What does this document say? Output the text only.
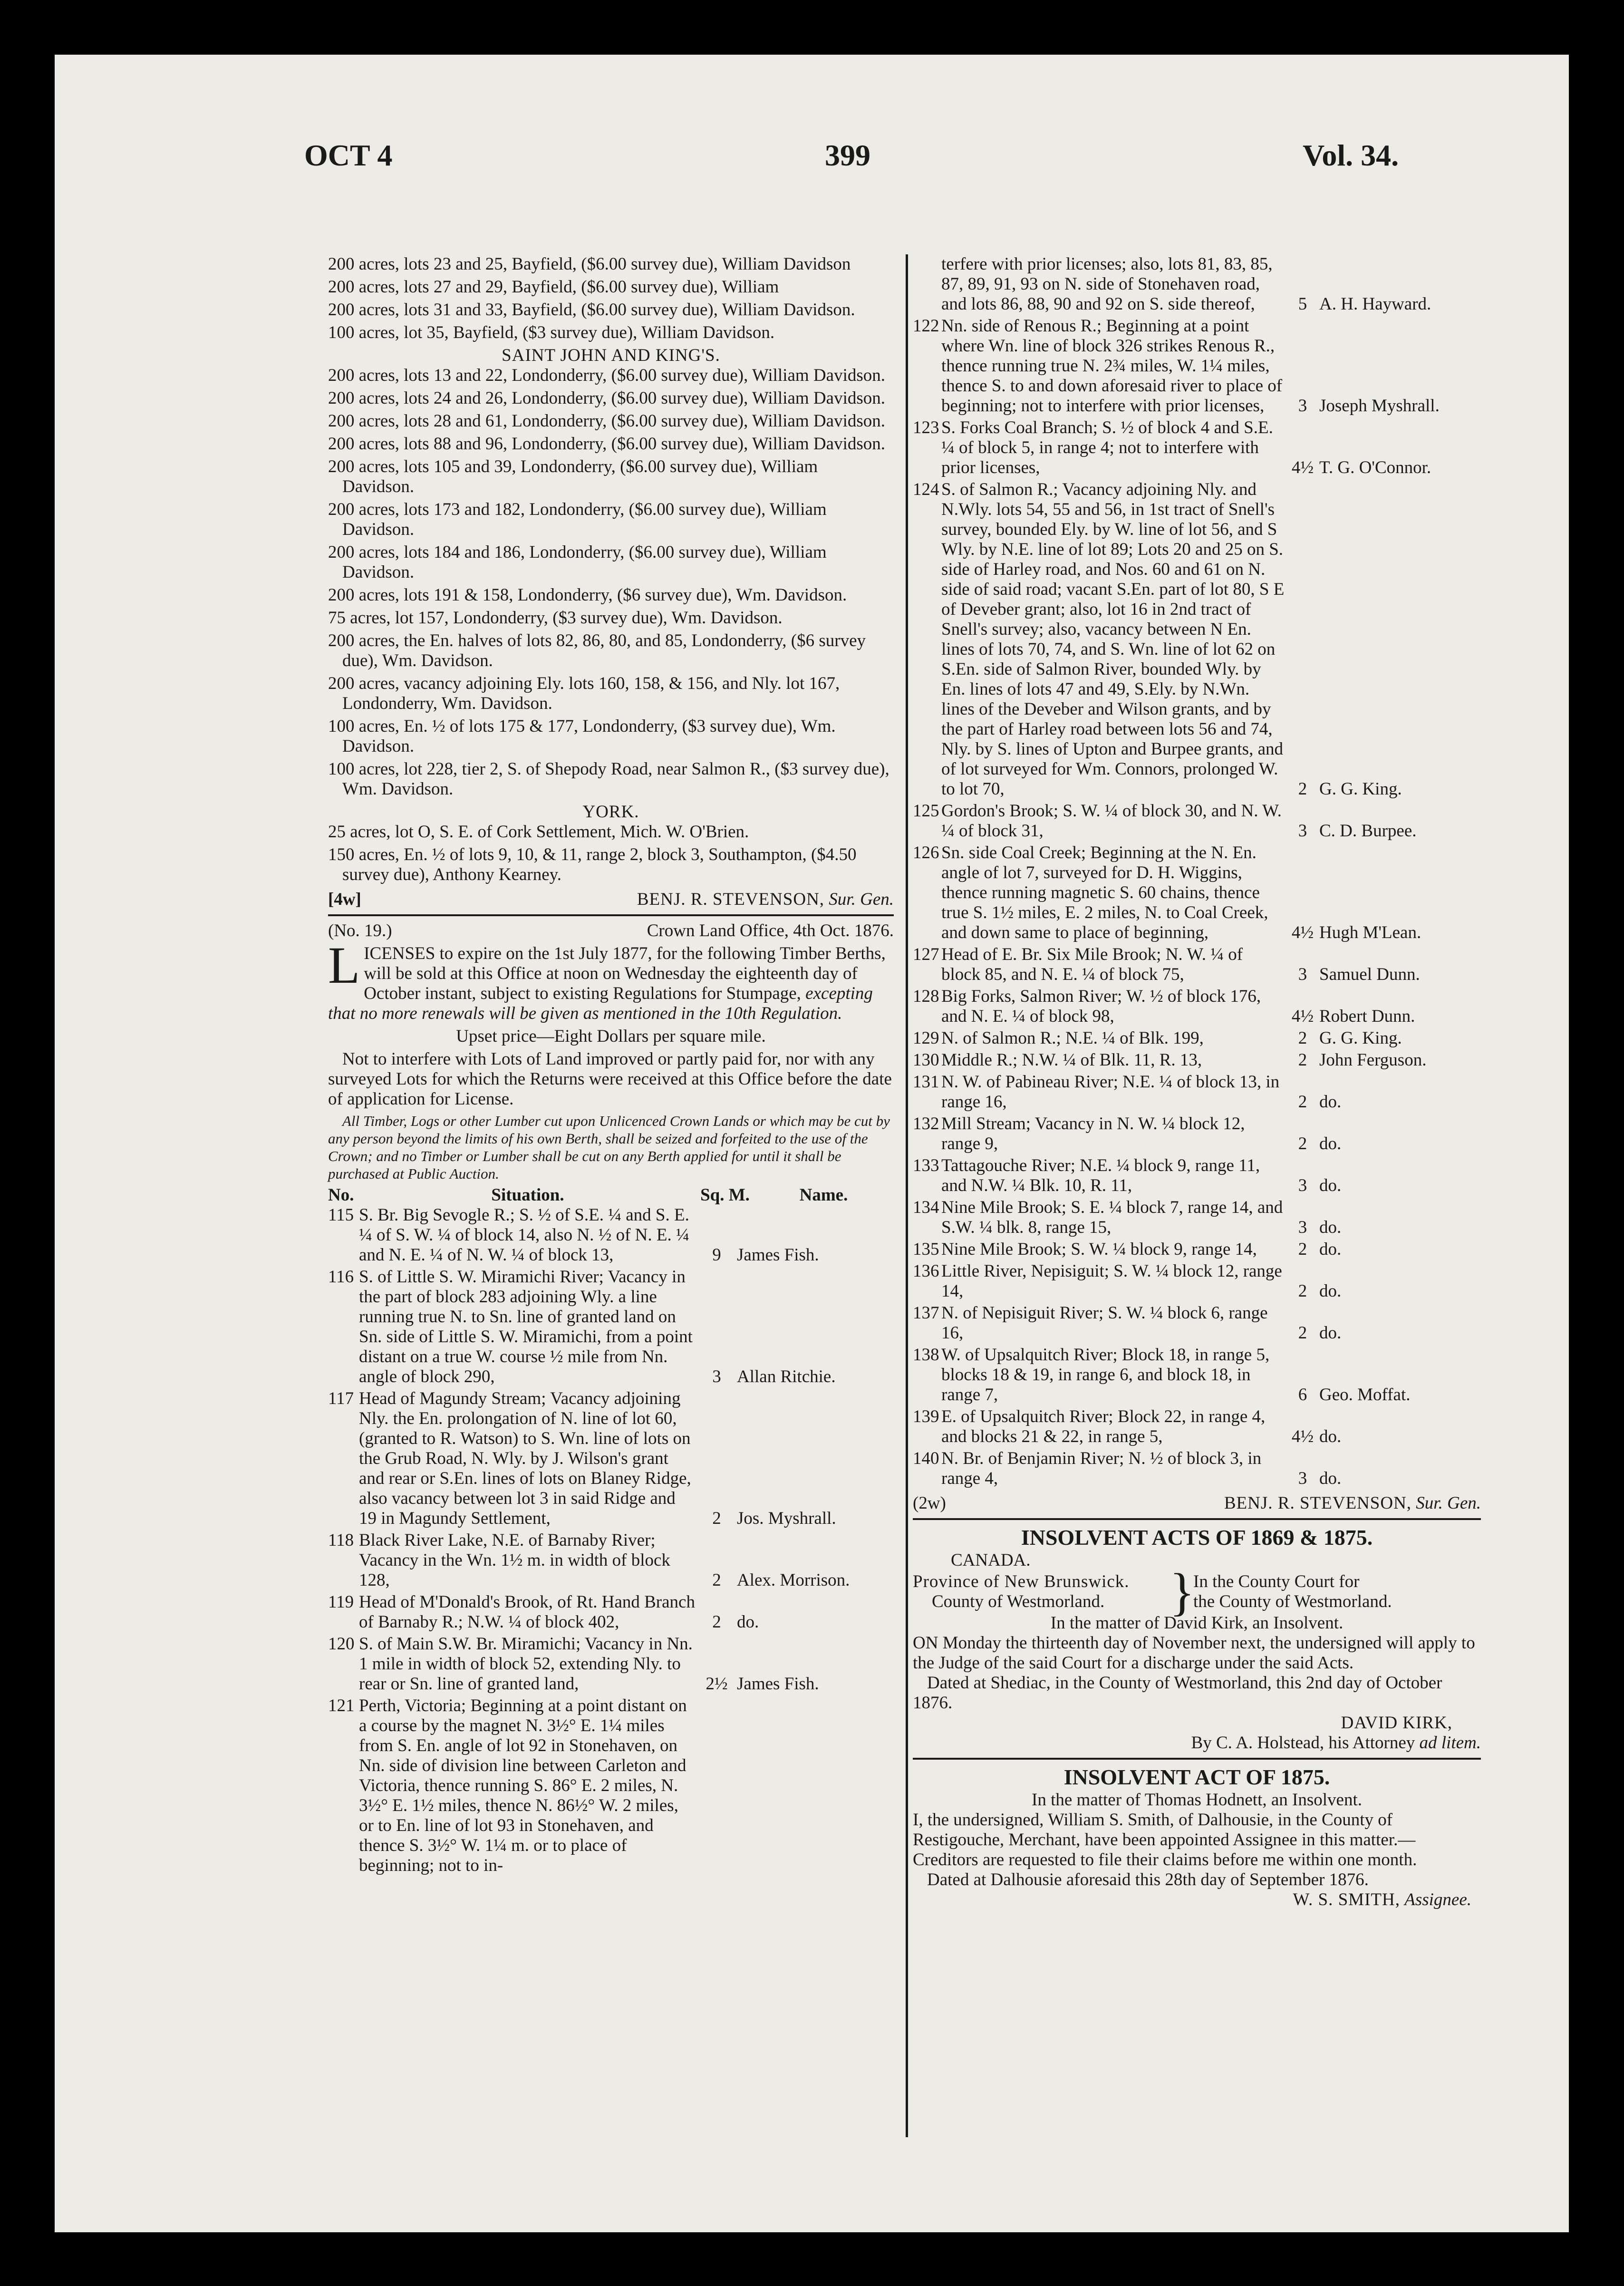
OCT 4	399	Vol. 34.

200 acres, lots 23 and 25, Bayfield, ($6.00 survey due), William Davidson

200 acres, lots 27 and 29, Bayfield, ($6.00 survey due), William

200 acres, lots 31 and 33, Bayfield, ($6.00 survey due), William Davidson.

100 acres, lot 35, Bayfield, ($3 survey due), William Davidson.

SAINT JOHN AND KING'S.

200 acres, lots 13 and 22, Londonderry, ($6.00 survey due), William Davidson.

200 acres, lots 24 and 26, Londonderry, ($6.00 survey due), William Davidson.

200 acres, lots 28 and 61, Londonderry, ($6.00 survey due), William Davidson.

200 acres, lots 88 and 96, Londonderry, ($6.00 survey due), William Davidson.

200 acres, lots 105 and 39, Londonderry, ($6.00 survey due), William Davidson.

200 acres, lots 173 and 182, Londonderry, ($6.00 survey due), William Davidson.

200 acres, lots 184 and 186, Londonderry, ($6.00 survey due), William Davidson.

200 acres, lots 191 & 158, Londonderry, ($6 survey due), Wm. Davidson.

75 acres, lot 157, Londonderry, ($3 survey due), Wm. Davidson.

200 acres, the En. halves of lots 82, 86, 80, and 85, Londonderry, ($6 survey due), Wm. Davidson.

200 acres, vacancy adjoining Ely. lots 160, 158, & 156, and Nly. lot 167, Londonderry, Wm. Davidson.

100 acres, En. ½ of lots 175 & 177, Londonderry, ($3 survey due), Wm. Davidson.

100 acres, lot 228, tier 2, S. of Shepody Road, near Salmon R., ($3 survey due), Wm. Davidson.

YORK.

25 acres, lot O, S. E. of Cork Settlement, Mich. W. O'Brien.

150 acres, En. ½ of lots 9, 10, & 11, range 2, block 3, Southampton, ($4.50 survey due), Anthony Kearney.

[4w]	BENJ. R. STEVENSON, Sur. Gen.
(No. 19.)	Crown Land Office, 4th Oct. 1876.

LICENSES to expire on the 1st July 1877, for the following Timber Berths, will be sold at this Office at noon on Wednesday the eighteenth day of October instant, subject to existing Regulations for Stumpage, excepting that no more renewals will be given as mentioned in the 10th Regulation.

Upset price—Eight Dollars per square mile.

Not to interfere with Lots of Land improved or partly paid for, nor with any surveyed Lots for which the Returns were received at this Office before the date of application for License.

All Timber, Logs or other Lumber cut upon Unlicenced Crown Lands or which may be cut by any person beyond the limits of his own Berth, shall be seized and forfeited to the use of the Crown; and no Timber or Lumber shall be cut on any Berth applied for until it shall be purchased at Public Auction.

No.	Situation.	Sq. M.	Name.
115 S. Br. Big Sevogle R.; S. ½ of S.E. ¼ and S. E. ¼ of S. W. ¼ of block 14, also N. ½ of N. E. ¼ and N. E. ¼ of N. W. ¼ of block 13,	9 James Fish.
116 S. of Little S. W. Miramichi River; Vacancy in the part of block 283 adjoining Wly. a line running true N. to Sn. line of granted land on Sn. side of Little S. W. Miramichi, from a point distant on a true W. course ½ mile from Nn. angle of block 290,	3 Allan Ritchie.
117 Head of Magundy Stream; Vacancy adjoining Nly. the En. prolongation of N. line of lot 60, (granted to R. Watson) to S. Wn. line of lots on the Grub Road, N. Wly. by J. Wilson's grant and rear or S.En. lines of lots on Blaney Ridge, also vacancy between lot 3 in said Ridge and 19 in Magundy Settlement,	2 Jos. Myshrall.
118 Black River Lake, N.E. of Barnaby River; Vacancy in the Wn. 1½ m. in width of block 128,	2 Alex. Morrison.
119 Head of M'Donald's Brook, of Rt. Hand Branch of Barnaby R.; N.W. ¼ of block 402,	2 do.
120 S. of Main S.W. Br. Miramichi; Vacancy in Nn. 1 mile in width of block 52, extending Nly. to rear or Sn. line of granted land,	2½ James Fish.
121 Perth, Victoria; Beginning at a point distant on a course by the magnet N. 3½° E. 1¼ miles from S. En. angle of lot 92 in Stonehaven, on Nn. side of division line between Carleton and Victoria, thence running S. 86° E. 2 miles, N. 3½° E. 1½ miles, thence N. 86½° W. 2 miles, or to En. line of lot 93 in Stonehaven, and thence S. 3½° W. 1¼ m. or to place of beginning; not to in-
terfere with prior licenses; also, lots 81, 83, 85, 87, 89, 91, 93 on N. side of Stonehaven road, and lots 86, 88, 90 and 92 on S. side thereof,	5 A. H. Hayward.
122 Nn. side of Renous R.; Beginning at a point where Wn. line of block 326 strikes Renous R., thence running true N. 2¾ miles, W. 1¼ miles, thence S. to and down aforesaid river to place of beginning; not to interfere with prior licenses,	3 Joseph Myshrall.
123 S. Forks Coal Branch; S. ½ of block 4 and S.E. ¼ of block 5, in range 4; not to interfere with prior licenses,	4½ T. G. O'Connor.
124 S. of Salmon R.; Vacancy adjoining Nly. and N.Wly. lots 54, 55 and 56, in 1st tract of Snell's survey, bounded Ely. by W. line of lot 56, and S Wly. by N.E. line of lot 89; Lots 20 and 25 on S. side of Harley road, and Nos. 60 and 61 on N. side of said road; vacant S.En. part of lot 80, S E of Deveber grant; also, lot 16 in 2nd tract of Snell's survey; also, vacancy between N En. lines of lots 70, 74, and S. Wn. line of lot 62 on S.En. side of Salmon River, bounded Wly. by En. lines of lots 47 and 49, S.Ely. by N.Wn. lines of the Deveber and Wilson grants, and by the part of Harley road between lots 56 and 74, Nly. by S. lines of Upton and Burpee grants, and of lot surveyed for Wm. Connors, prolonged W. to lot 70,	2 G. G. King.
125 Gordon's Brook; S. W. ¼ of block 30, and N. W. ¼ of block 31,	3 C. D. Burpee.
126 Sn. side Coal Creek; Beginning at the N. En. angle of lot 7, surveyed for D. H. Wiggins, thence running magnetic S. 60 chains, thence true S. 1½ miles, E. 2 miles, N. to Coal Creek, and down same to place of beginning,	4½ Hugh M'Lean.
127 Head of E. Br. Six Mile Brook; N. W. ¼ of block 85, and N. E. ¼ of block 75,	3 Samuel Dunn.
128 Big Forks, Salmon River; W. ½ of block 176, and N. E. ¼ of block 98,	4½ Robert Dunn.
129 N. of Salmon R.; N.E. ¼ of Blk. 199,	2 G. G. King.
130 Middle R.; N.W. ¼ of Blk. 11, R. 13,	2 John Ferguson.
131 N. W. of Pabineau River; N.E. ¼ of block 13, in range 16,	2 do.
132 Mill Stream; Vacancy in N. W. ¼ block 12, range 9,	2 do.
133 Tattagouche River; N.E. ¼ block 9, range 11, and N.W. ¼ Blk. 10, R. 11,	3 do.
134 Nine Mile Brook; S. E. ¼ block 7, range 14, and S.W. ¼ blk. 8, range 15,	3 do.
135 Nine Mile Brook; S. W. ¼ block 9, range 14,	2 do.
136 Little River, Nepisiguit; S. W. ¼ block 12, range 14,	2 do.
137 N. of Nepisiguit River; S. W. ¼ block 6, range 16,	2 do.
138 W. of Upsalquitch River; Block 18, in range 5, blocks 18 & 19, in range 6, and block 18, in range 7,	6 Geo. Moffat.
139 E. of Upsalquitch River; Block 22, in range 4, and blocks 21 & 22, in range 5,	4½ do.
140 N. Br. of Benjamin River; N. ½ of block 3, in range 4,	3 do.
(2w)	BENJ. R. STEVENSON, Sur. Gen.

INSOLVENT ACTS OF 1869 & 1875.

CANADA.

Province of New Brunswick.

County of Westmorland.	}

In the County Court for

the County of Westmorland.

In the matter of David Kirk, an Insolvent.

ON Monday the thirteenth day of November next, the undersigned will apply to the Judge of the said Court for a discharge under the said Acts.

Dated at Shediac, in the County of Westmorland, this 2nd day of October 1876.

DAVID KIRK,

By C. A. Holstead, his Attorney ad litem.

INSOLVENT ACT OF 1875.

In the matter of Thomas Hodnett, an Insolvent.

I, the undersigned, William S. Smith, of Dalhousie, in the County of Restigouche, Merchant, have been appointed Assignee in this matter.—Creditors are requested to file their claims before me within one month.

Dated at Dalhousie aforesaid this 28th day of September 1876.

W. S. SMITH, Assignee.
